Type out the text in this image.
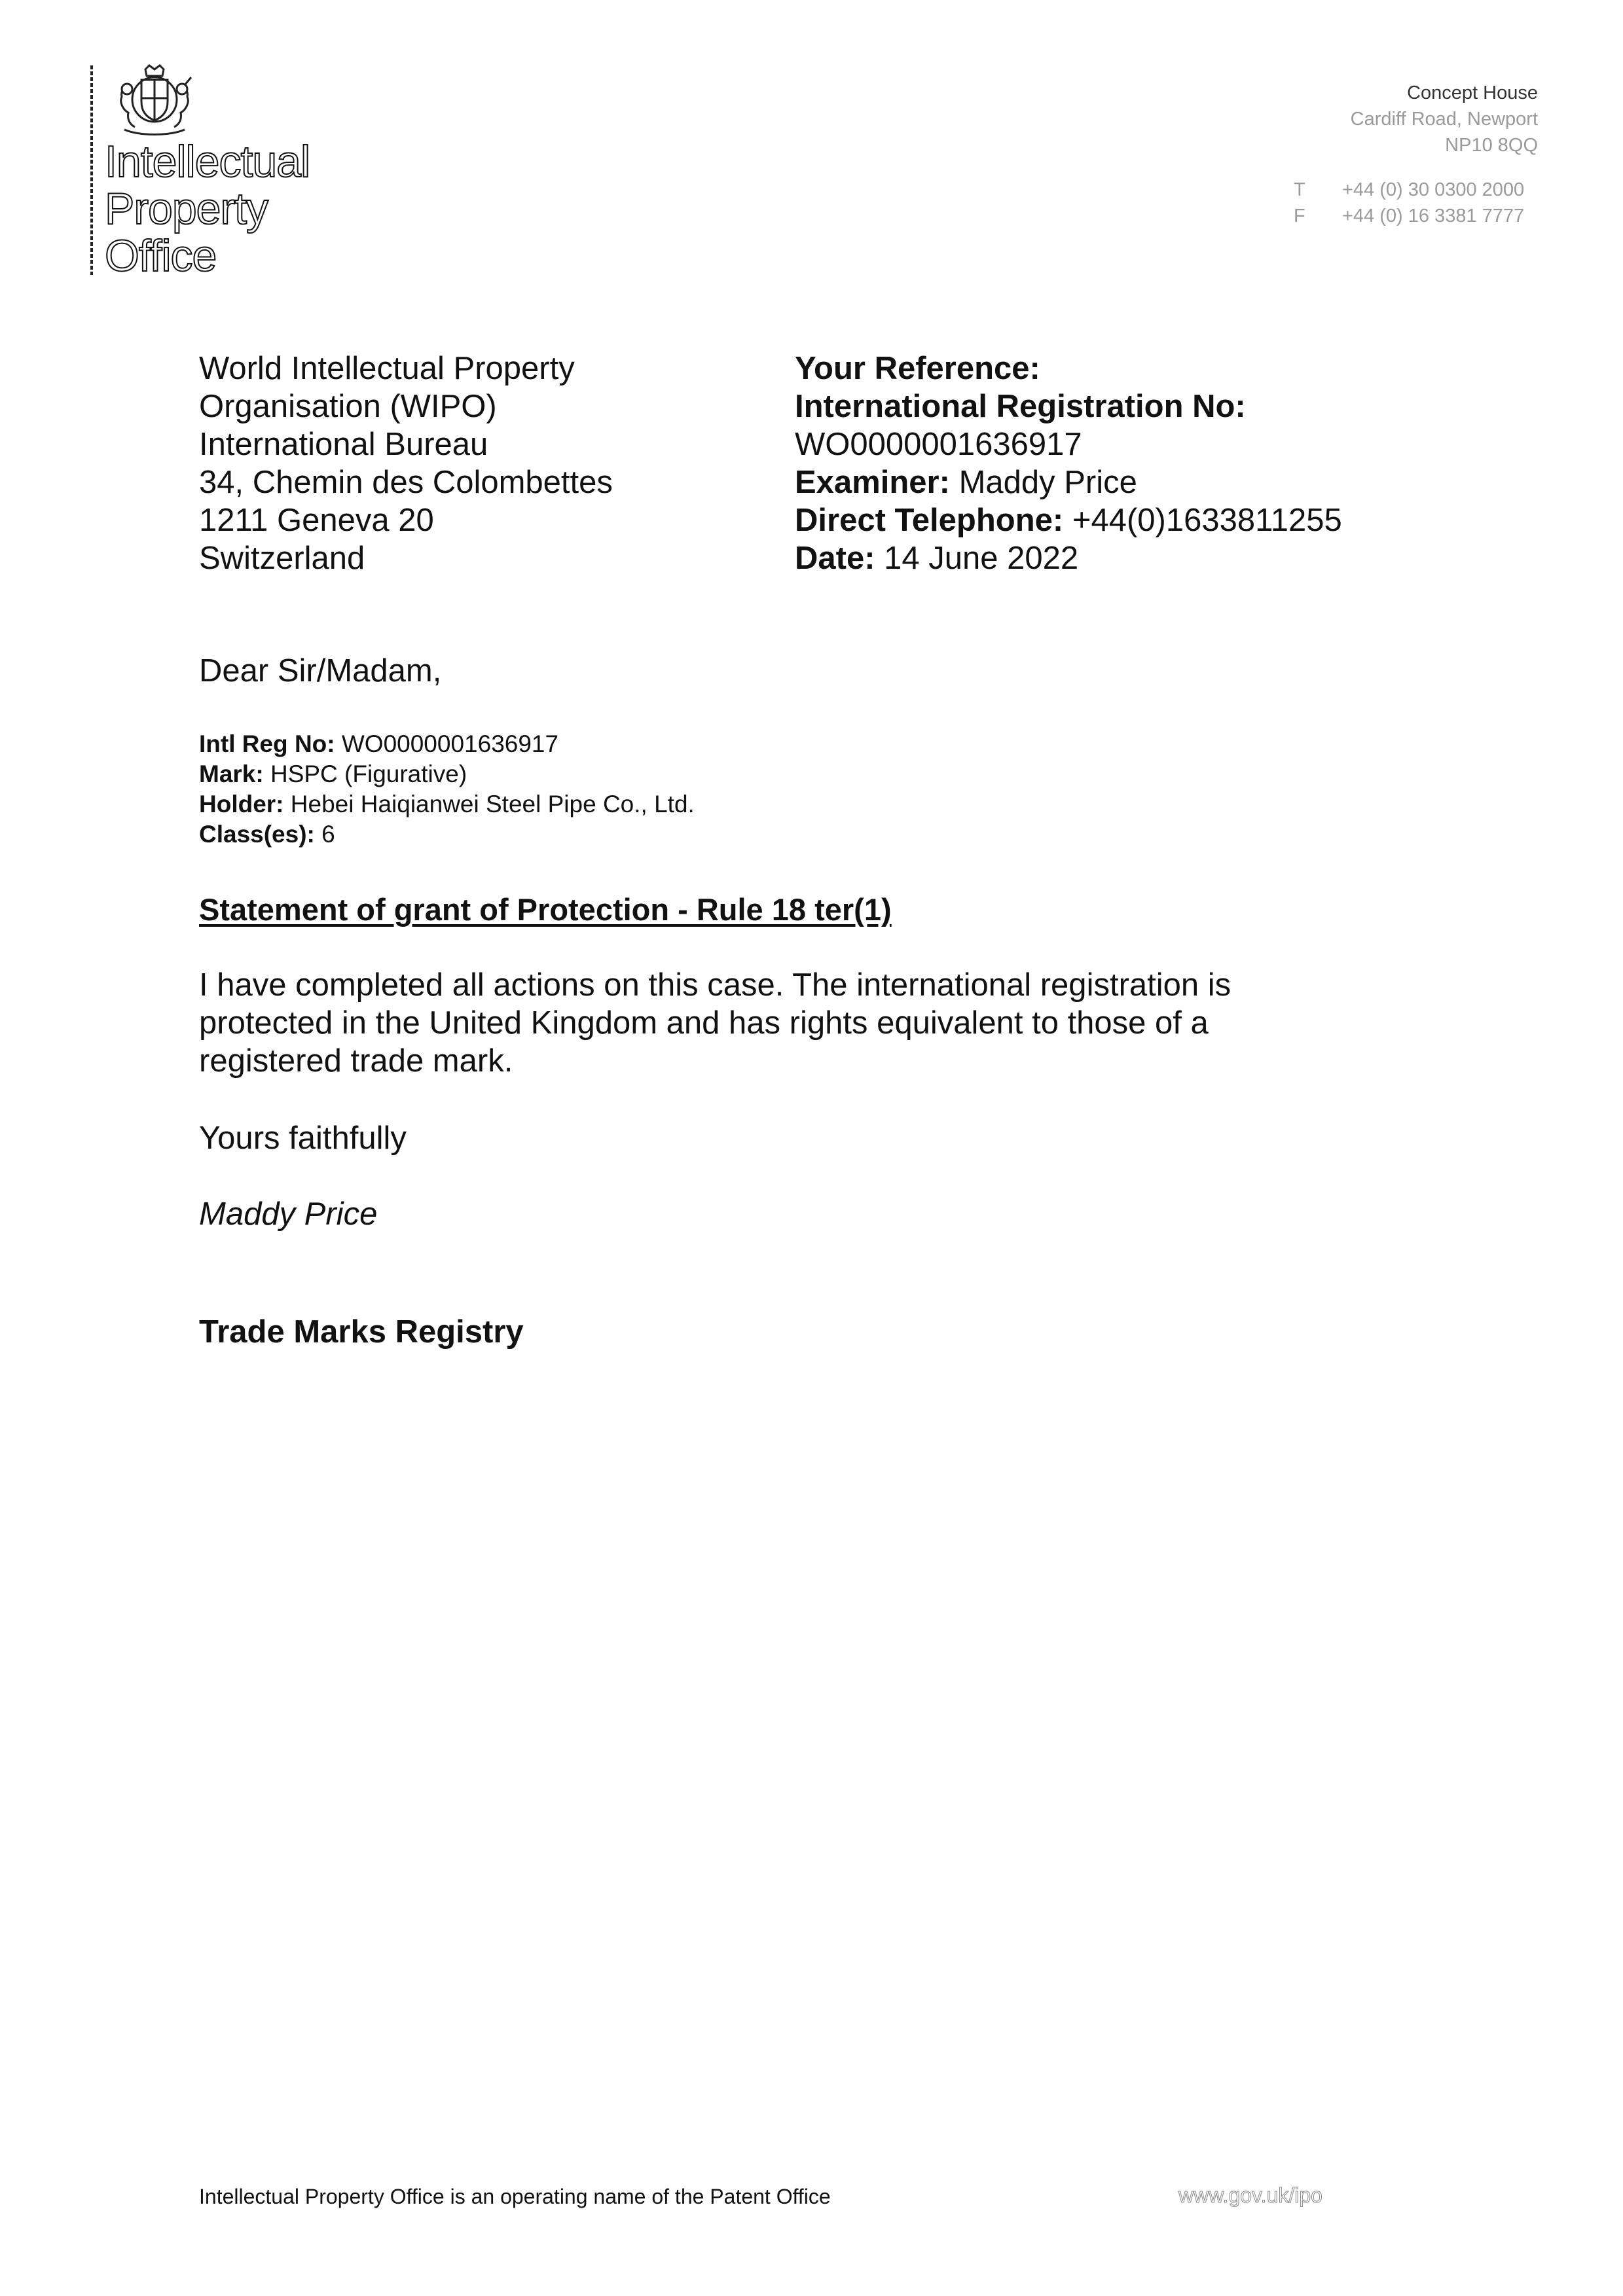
Intellectual
Property
Office
Concept House
Cardiff Road, Newport
NP10 8QQ
T +44 (0) 30 0300 2000
F +44 (0) 16 3381 7777
World Intellectual Property
Organisation (WIPO)
International Bureau
34, Chemin des Colombettes
1211 Geneva 20
Switzerland
Your Reference:
International Registration No:
WO0000001636917
Examiner: Maddy Price
Direct Telephone: +44(0)1633811255
Date: 14 June 2022
Dear Sir/Madam,
Intl Reg No: WO0000001636917
Mark: HSPC (Figurative)
Holder: Hebei Haiqianwei Steel Pipe Co., Ltd.
Class(es): 6
Statement of grant of Protection - Rule 18 ter(1)
I have completed all actions on this case. The international registration is
protected in the United Kingdom and has rights equivalent to those of a
registered trade mark.
Yours faithfully
Maddy Price
Trade Marks Registry
Intellectual Property Office is an operating name of the Patent Office	www.gov.uk/ipo
